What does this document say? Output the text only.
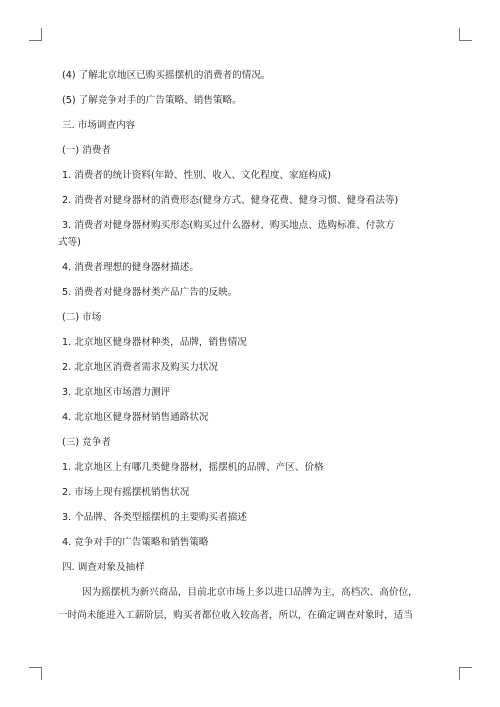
(4) 了解北京地区已购买摇摆机的消费者的情况。
(5) 了解竞争对手的广告策略、销售策略。
三. 市场调查内容
(一) 消费者
1. 消费者的统计资料(年龄、性别、收入、文化程度、家庭构成)
2. 消费者对健身器材的消费形态(健身方式、健身花费、健身习惯、健身看法等)
3. 消费者对健身器材购买形态(购买过什么器材、购买地点、选购标准、付款方
式等)
4. 消费者理想的健身器材描述。
5. 消费者对健身器材类产品广告的反映。
(二) 市场
1. 北京地区健身器材种类，品牌，销售情况
2. 北京地区消费者需求及购买力状况
3. 北京地区市场潜力测评
4. 北京地区健身器材销售通路状况
(三) 竞争者
1. 北京地区上有哪几类健身器材，摇摆机的品牌、产区、价格
2. 市场上现有摇摆机销售状况
3. 个品牌、各类型摇摆机的主要购买者描述
4. 竞争对手的广告策略和销售策略
四. 调查对象及抽样
因为摇摆机为新兴商品，目前北京市场上多以进口品牌为主，高档次、高价位，
一时尚未能进入工薪阶层，购买者都位收入较高者，所以，在确定调查对象时，适当
